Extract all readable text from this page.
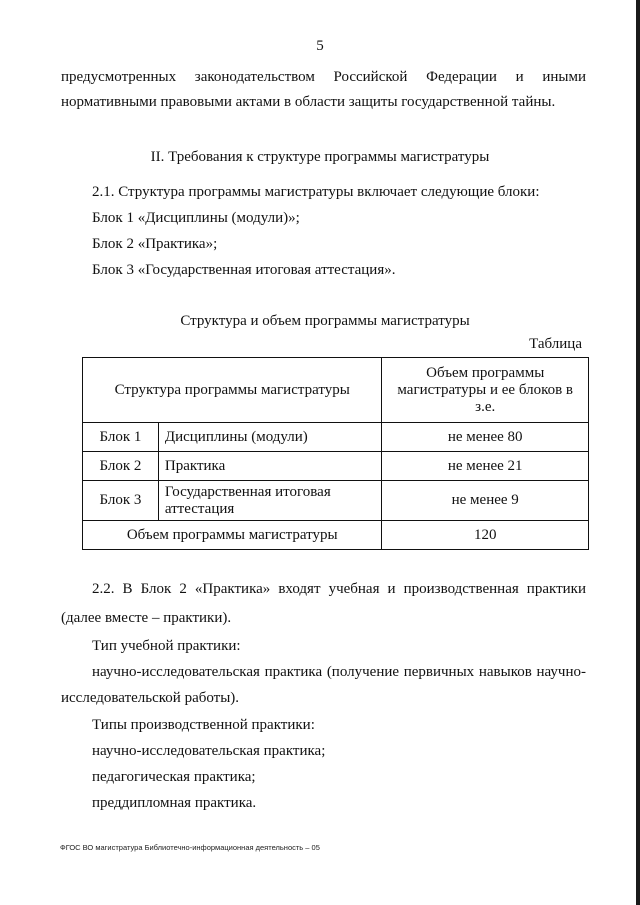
5
предусмотренных законодательством Российской Федерации и иными
нормативными правовыми актами в области защиты государственной тайны.
II. Требования к структуре программы магистратуры
2.1. Структура программы магистратуры включает следующие блоки:
Блок 1 «Дисциплины (модули)»;
Блок 2 «Практика»;
Блок 3 «Государственная итоговая аттестация».
Структура и объем программы магистратуры
Таблица
Структура программы магистратуры		Объем программы магистратуры и ее блоков в з.е.
Блок 1	Дисциплины (модули)	не менее 80
Блок 2	Практика	не менее 21
Блок 3	Государственная итоговая аттестация	не менее 9
Объем программы магистратуры		120
2.2. В Блок 2 «Практика» входят учебная и производственная практики
(далее вместе – практики).
Тип учебной практики:
научно-исследовательская практика (получение первичных навыков научно-
исследовательской работы).
Типы производственной практики:
научно-исследовательская практика;
педагогическая практика;
преддипломная практика.
ФГОС ВО магистратура Библиотечно-информационная деятельность – 05
